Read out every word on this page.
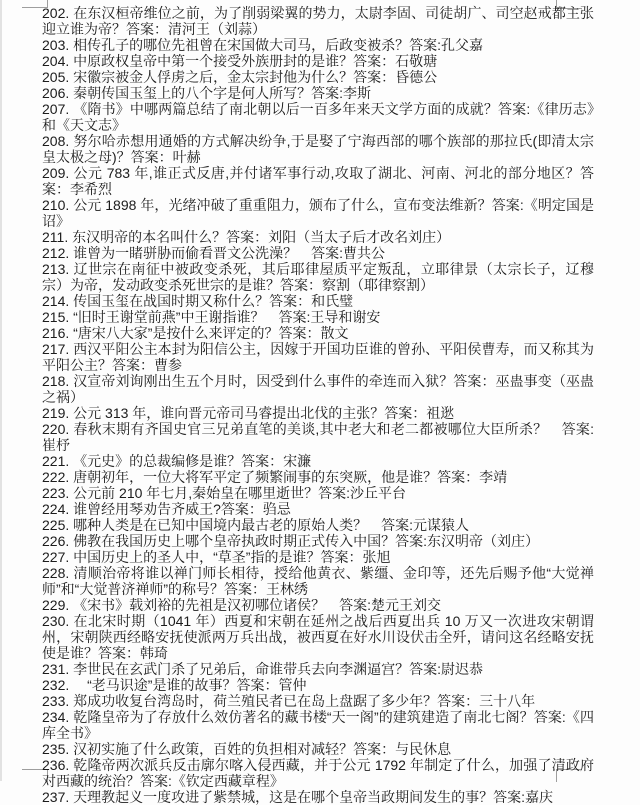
202. 在东汉桓帝维位之前，为了削弱梁翼的势力，太尉李固、司徒胡广、司空赵戒都主张迎立谁为帝？答案：清河王（刘蒜）

203. 相传孔子的哪位先祖曾在宋国做大司马，后政变被杀？答案:孔父嘉

204. 中原政权皇帝中第一个接受外族册封的是谁？答案：石敬瑭

205. 宋徽宗被金人俘虏之后，金太宗封他为什么？答案：昏德公

206. 秦朝传国玉玺上的八个字是何人所写？答案:李斯

207. 《隋书》中哪两篇总结了南北朝以后一百多年来天文学方面的成就？答案:《律历志》和《天文志》

208. 努尔哈赤想用通婚的方式解决纷争,于是娶了宁海西部的哪个族部的那拉氏(即清太宗皇太极之母)？答案：叶赫

209. 公元 783 年,谁正式反唐,并付诸军事行动,攻取了湖北、河南、河北的部分地区？答案：李希烈

210. 公元 1898 年，光绪冲破了重重阻力，颁布了什么，宣布变法维新？答案:《明定国是诏》

211. 东汉明帝的本名叫什么？答案：刘阳（当太子后才改名刘庄）

212. 谁曾为一睹骈胁而偷看晋文公洗澡？　答案:曹共公

213. 辽世宗在南征中被政变杀死，其后耶律屋质平定叛乱，立耶律景（太宗长子，辽穆宗）为帝，发动政变杀死世宗的是谁？答案：察割（耶律察割）

214. 传国玉玺在战国时期又称什么？答案：和氏璧

215. “旧时王谢堂前燕”中王谢指谁？　答案:王导和谢安

216. “唐宋八大家”是按什么来评定的？答案：散文

217. 西汉平阳公主本封为阳信公主，因嫁于开国功臣谁的曾孙、平阳侯曹寿，而又称其为平阳公主？答案：曹参

218. 汉宣帝刘询刚出生五个月时，因受到什么事件的牵连而入狱？答案：巫蛊事变（巫蛊之祸）

219. 公元 313 年，谁向晋元帝司马睿提出北伐的主张？答案：祖逖

220. 春秋末期有齐国史官三兄弟直笔的美谈,其中老大和老二都被哪位大臣所杀？　答案:崔杼

221. 《元史》的总裁编修是谁？答案：宋濂

222. 唐朝初年，一位大将军平定了频繁闹事的东突厥，他是谁？答案：李靖

223. 公元前 210 年七月,秦始皇在哪里逝世？答案:沙丘平台

224. 谁曾经用琴劝告齐威王?答案：驺忌

225. 哪种人类是在已知中国境内最古老的原始人类？　答案:元谋猿人

226. 佛教在我国历史上哪个皇帝执政时期正式传入中国？答案:东汉明帝（刘庄）

227. 中国历史上的圣人中，“草圣”指的是谁？答案：张旭

228. 清顺治帝将谁以禅门师长相待，授给他黄衣、紫缰、金印等，还先后赐予他“大觉禅师”和“大觉普济禅师”的称号？答案：王林绣

229. 《宋书》载刘裕的先祖是汉初哪位诸侯？　答案:楚元王刘交

230. 在北宋时期（1041 年）西夏和宋朝在延州之战后西夏出兵 10 万又一次进攻宋朝谓州，宋朝陕西经略安抚使派两万兵出战，被西夏在好水川设伏击全歼，请问这名经略安抚使是谁？答案：韩琦

231. 李世民在玄武门杀了兄弟后，命谁带兵去向李渊逼宫？答案:尉迟恭

232. 　“老马识途”是谁的故事？答案：管仲

233. 郑成功收复台湾岛时，荷兰殖民者已在岛上盘踞了多少年？答案：三十八年

234. 乾隆皇帝为了存放什么效仿著名的藏书楼“天一阁”的建筑建造了南北七阁？答案:《四库全书》

235. 汉初实施了什么政策，百姓的负担相对减轻？答案：与民休息

236. 乾隆帝两次派兵反击廓尔喀入侵西藏，并于公元 1792 年制定了什么，加强了清政府对西藏的统治？答案:《钦定西藏章程》

237. 天理教起义一度攻进了紫禁城，这是在哪个皇帝当政期间发生的事？答案:嘉庆
